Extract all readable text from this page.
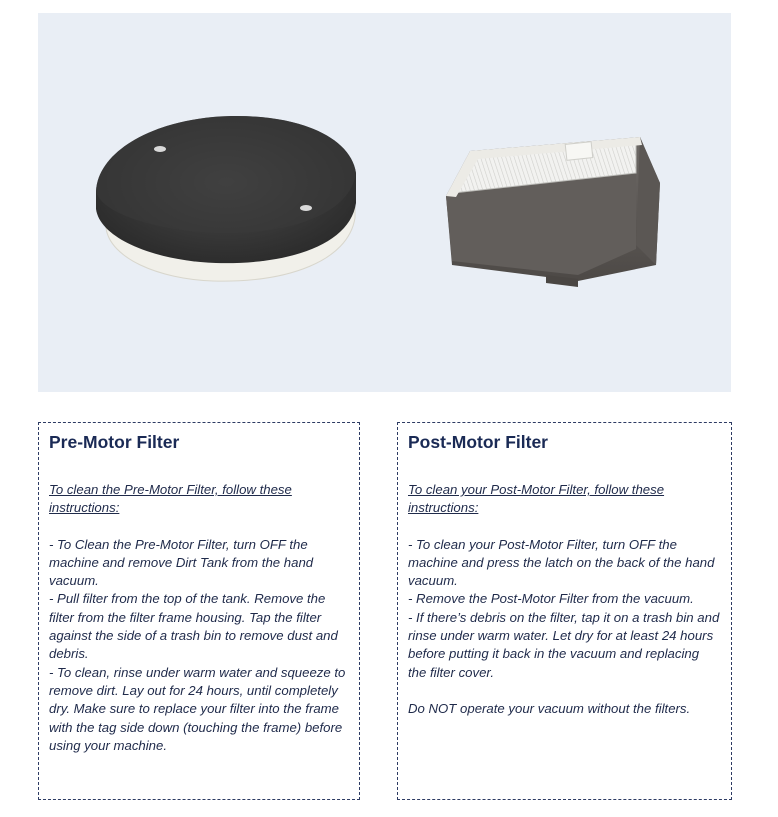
Pre-Motor Filter
To clean the Pre-Motor Filter, follow these instructions:

- To Clean the Pre-Motor Filter, turn OFF the machine and remove Dirt Tank from the hand vacuum.

- Pull filter from the top of the tank. Remove the filter from the filter frame housing. Tap the filter against the side of a trash bin to remove dust and debris.

- To clean, rinse under warm water and squeeze to remove dirt. Lay out for 24 hours, until completely dry. Make sure to replace your filter into the frame with the tag side down (touching the frame) before using your machine.

Post-Motor Filter
To clean your Post-Motor Filter, follow these instructions:

- To clean your Post-Motor Filter, turn OFF the machine and press the latch on the back of the hand vacuum.

- Remove the Post-Motor Filter from the vacuum.

- If there’s debris on the filter, tap it on a trash bin and rinse under warm water. Let dry for at least 24 hours before putting it back in the vacuum and replacing the filter cover.

Do NOT operate your vacuum without the filters.
